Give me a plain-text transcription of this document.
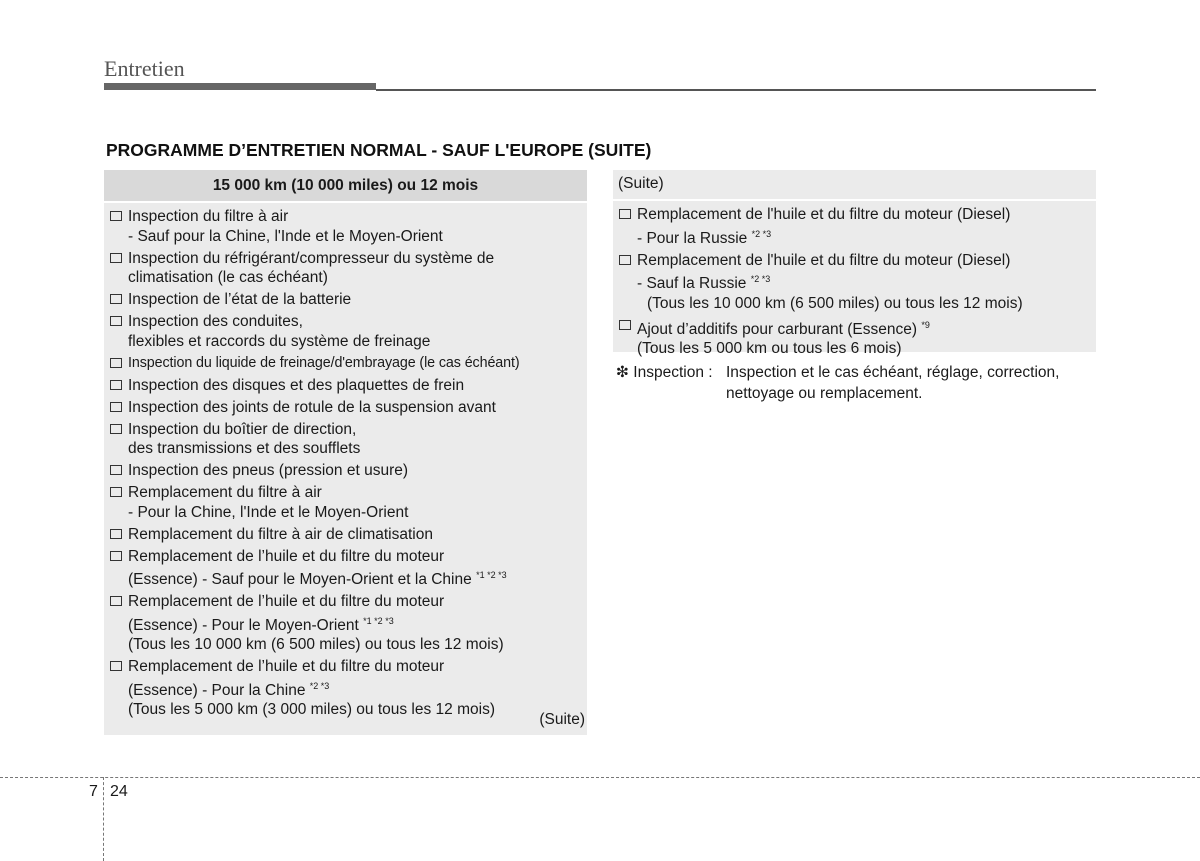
Entretien
PROGRAMME D’ENTRETIEN NORMAL - SAUF L'EUROPE (SUITE)
15 000 km (10 000 miles) ou 12 mois
Inspection du filtre à air
- Sauf pour la Chine, l'Inde et le Moyen-Orient
Inspection du réfrigérant/compresseur du système de
climatisation (le cas échéant)
Inspection de l’état de la batterie
Inspection des conduites,
flexibles et raccords du système de freinage
Inspection du liquide de freinage/d'embrayage (le cas échéant)
Inspection des disques et des plaquettes de frein
Inspection des joints de rotule de la suspension avant
Inspection du boîtier de direction,
des transmissions et des soufflets
Inspection des pneus (pression et usure)
Remplacement du filtre à air
- Pour la Chine, l'Inde et le Moyen-Orient
Remplacement du filtre à air de climatisation
Remplacement de l’huile et du filtre du moteur
(Essence) - Sauf pour le Moyen-Orient et la Chine $^{*1 *2 *3}$
Remplacement de l’huile et du filtre du moteur
(Essence) - Pour le Moyen-Orient $^{*1 *2 *3}$
(Tous les 10 000 km (6 500 miles) ou tous les 12 mois)
Remplacement de l’huile et du filtre du moteur
(Essence) - Pour la Chine $^{*2 *3}$
(Tous les 5 000 km (3 000 miles) ou tous les 12 mois)
(Suite)
(Suite)
Remplacement de l'huile et du filtre du moteur (Diesel)
- Pour la Russie $^{*2 *3}$
Remplacement de l'huile et du filtre du moteur (Diesel)
- Sauf la Russie $^{*2 *3}$
(Tous les 10 000 km (6 500 miles) ou tous les 12 mois)
Ajout d’additifs pour carburant (Essence) $^{*9}$
(Tous les 5 000 km ou tous les 6 mois)
❇ Inspection : Inspection et le cas échéant, réglage, correction,
nettoyage ou remplacement.
7 24
